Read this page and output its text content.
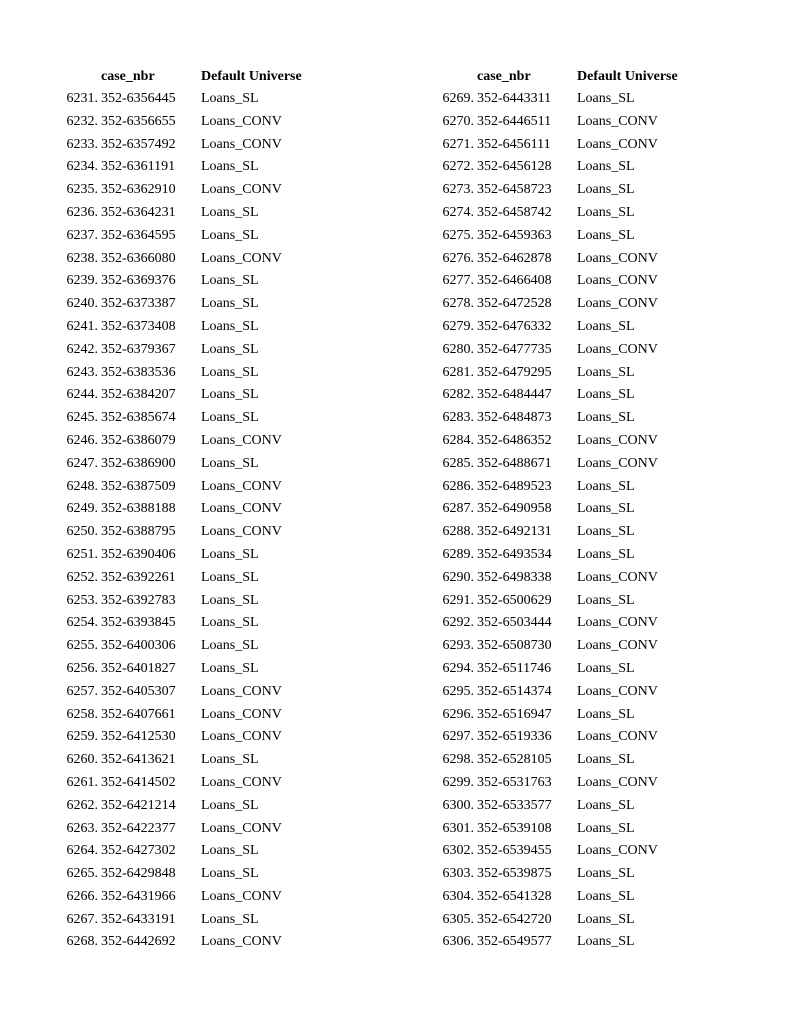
case_nbr	Default Universe
6231. 352-6356445 Loans_SL
6232. 352-6356655 Loans_CONV
6233. 352-6357492 Loans_CONV
6234. 352-6361191 Loans_SL
6235. 352-6362910 Loans_CONV
6236. 352-6364231 Loans_SL
6237. 352-6364595 Loans_SL
6238. 352-6366080 Loans_CONV
6239. 352-6369376 Loans_SL
6240. 352-6373387 Loans_SL
6241. 352-6373408 Loans_SL
6242. 352-6379367 Loans_SL
6243. 352-6383536 Loans_SL
6244. 352-6384207 Loans_SL
6245. 352-6385674 Loans_SL
6246. 352-6386079 Loans_CONV
6247. 352-6386900 Loans_SL
6248. 352-6387509 Loans_CONV
6249. 352-6388188 Loans_CONV
6250. 352-6388795 Loans_CONV
6251. 352-6390406 Loans_SL
6252. 352-6392261 Loans_SL
6253. 352-6392783 Loans_SL
6254. 352-6393845 Loans_SL
6255. 352-6400306 Loans_SL
6256. 352-6401827 Loans_SL
6257. 352-6405307 Loans_CONV
6258. 352-6407661 Loans_CONV
6259. 352-6412530 Loans_CONV
6260. 352-6413621 Loans_SL
6261. 352-6414502 Loans_CONV
6262. 352-6421214 Loans_SL
6263. 352-6422377 Loans_CONV
6264. 352-6427302 Loans_SL
6265. 352-6429848 Loans_SL
6266. 352-6431966 Loans_CONV
6267. 352-6433191 Loans_SL
6268. 352-6442692 Loans_CONV
case_nbr	Default Universe
6269. 352-6443311 Loans_SL
6270. 352-6446511 Loans_CONV
6271. 352-6456111 Loans_CONV
6272. 352-6456128 Loans_SL
6273. 352-6458723 Loans_SL
6274. 352-6458742 Loans_SL
6275. 352-6459363 Loans_SL
6276. 352-6462878 Loans_CONV
6277. 352-6466408 Loans_CONV
6278. 352-6472528 Loans_CONV
6279. 352-6476332 Loans_SL
6280. 352-6477735 Loans_CONV
6281. 352-6479295 Loans_SL
6282. 352-6484447 Loans_SL
6283. 352-6484873 Loans_SL
6284. 352-6486352 Loans_CONV
6285. 352-6488671 Loans_CONV
6286. 352-6489523 Loans_SL
6287. 352-6490958 Loans_SL
6288. 352-6492131 Loans_SL
6289. 352-6493534 Loans_SL
6290. 352-6498338 Loans_CONV
6291. 352-6500629 Loans_SL
6292. 352-6503444 Loans_CONV
6293. 352-6508730 Loans_CONV
6294. 352-6511746 Loans_SL
6295. 352-6514374 Loans_CONV
6296. 352-6516947 Loans_SL
6297. 352-6519336 Loans_CONV
6298. 352-6528105 Loans_SL
6299. 352-6531763 Loans_CONV
6300. 352-6533577 Loans_SL
6301. 352-6539108 Loans_SL
6302. 352-6539455 Loans_CONV
6303. 352-6539875 Loans_SL
6304. 352-6541328 Loans_SL
6305. 352-6542720 Loans_SL
6306. 352-6549577 Loans_SL
